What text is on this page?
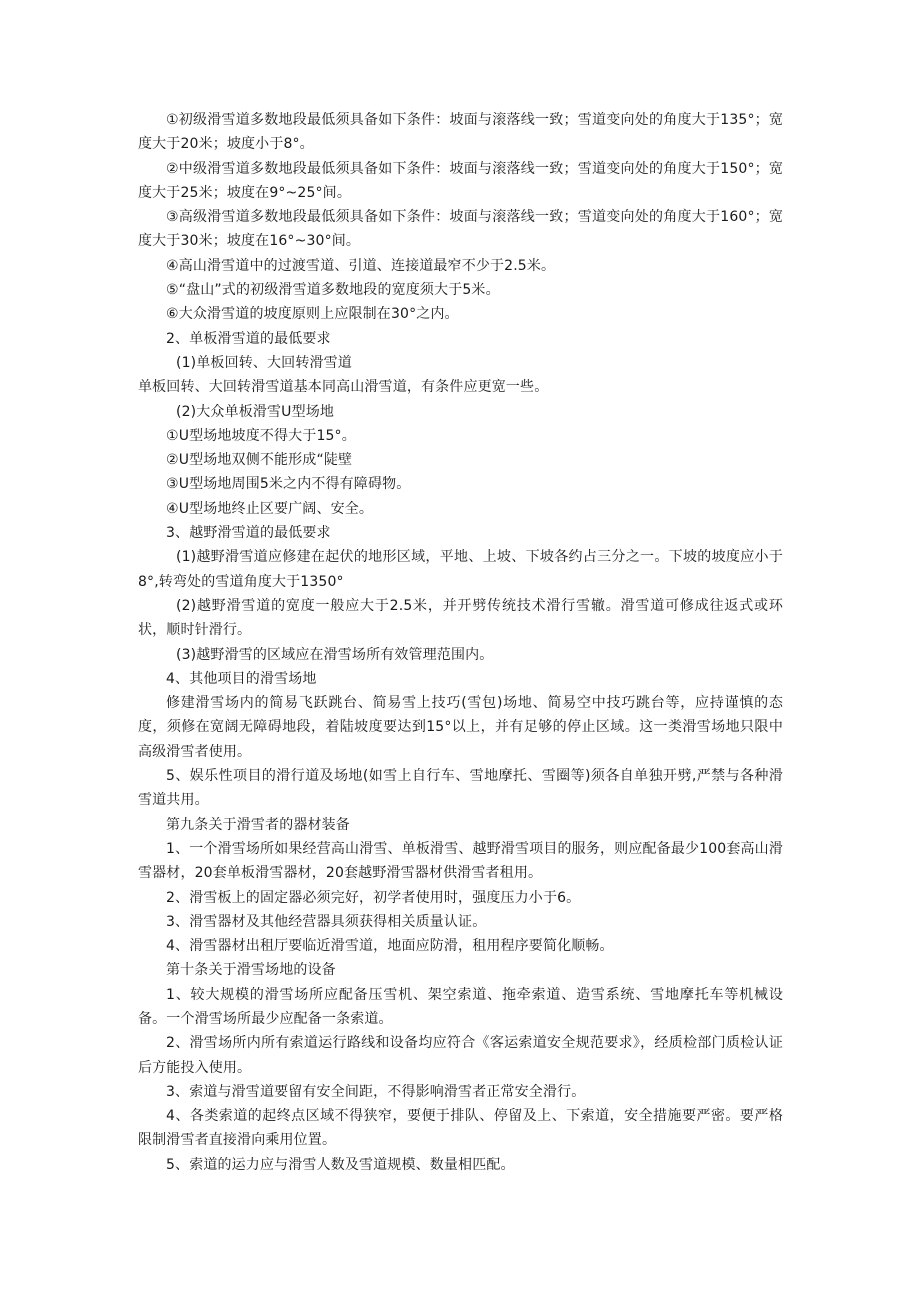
①初级滑雪道多数地段最低须具备如下条件：坡面与滚落线一致；雪道变向处的角度大于135°；宽度大于20米；坡度小于8°。

②中级滑雪道多数地段最低须具备如下条件：坡面与滚落线一致；雪道变向处的角度大于150°；宽度大于25米；坡度在9°~25°间。

③高级滑雪道多数地段最低须具备如下条件：坡面与滚落线一致；雪道变向处的角度大于160°；宽度大于30米；坡度在16°~30°间。

④高山滑雪道中的过渡雪道、引道、连接道最窄不少于2.5米。

⑤“盘山”式的初级滑雪道多数地段的宽度须大于5米。

⑥大众滑雪道的坡度原则上应限制在30°之内。

2、单板滑雪道的最低要求

(1)单板回转、大回转滑雪道

单板回转、大回转滑雪道基本同高山滑雪道，有条件应更宽一些。

(2)大众单板滑雪U型场地

①U型场地坡度不得大于15°。

②U型场地双侧不能形成“陡壁

③U型场地周围5米之内不得有障碍物。

④U型场地终止区要广阔、安全。

3、越野滑雪道的最低要求

(1)越野滑雪道应修建在起伏的地形区域，平地、上坡、下坡各约占三分之一。下坡的坡度应小于8°,转弯处的雪道角度大于1350°

(2)越野滑雪道的宽度一般应大于2.5米，并开劈传统技术滑行雪辙。滑雪道可修成往返式或环状，顺时针滑行。

(3)越野滑雪的区域应在滑雪场所有效管理范围内。

4、其他项目的滑雪场地

修建滑雪场内的简易飞跃跳台、简易雪上技巧(雪包)场地、简易空中技巧跳台等，应持谨慎的态度，须修在宽阔无障碍地段，着陆坡度要达到15°以上，并有足够的停止区域。这一类滑雪场地只限中高级滑雪者使用。

5、娱乐性项目的滑行道及场地(如雪上自行车、雪地摩托、雪圈等)须各自单独开劈,严禁与各种滑雪道共用。

第九条关于滑雪者的器材装备

1、一个滑雪场所如果经营高山滑雪、单板滑雪、越野滑雪项目的服务，则应配备最少100套高山滑雪器材，20套单板滑雪器材，20套越野滑雪器材供滑雪者租用。

2、滑雪板上的固定器必须完好，初学者使用时，强度压力小于6。

3、滑雪器材及其他经营器具须获得相关质量认证。

4、滑雪器材出租厅要临近滑雪道，地面应防滑，租用程序要简化顺畅。

第十条关于滑雪场地的设备

1、较大规模的滑雪场所应配备压雪机、架空索道、拖牵索道、造雪系统、雪地摩托车等机械设备。一个滑雪场所最少应配备一条索道。

2、滑雪场所内所有索道运行路线和设备均应符合《客运索道安全规范要求》，经质检部门质检认证后方能投入使用。

3、索道与滑雪道要留有安全间距，不得影响滑雪者正常安全滑行。

4、各类索道的起终点区域不得狭窄，要便于排队、停留及上、下索道，安全措施要严密。要严格限制滑雪者直接滑向乘用位置。

5、索道的运力应与滑雪人数及雪道规模、数量相匹配。
